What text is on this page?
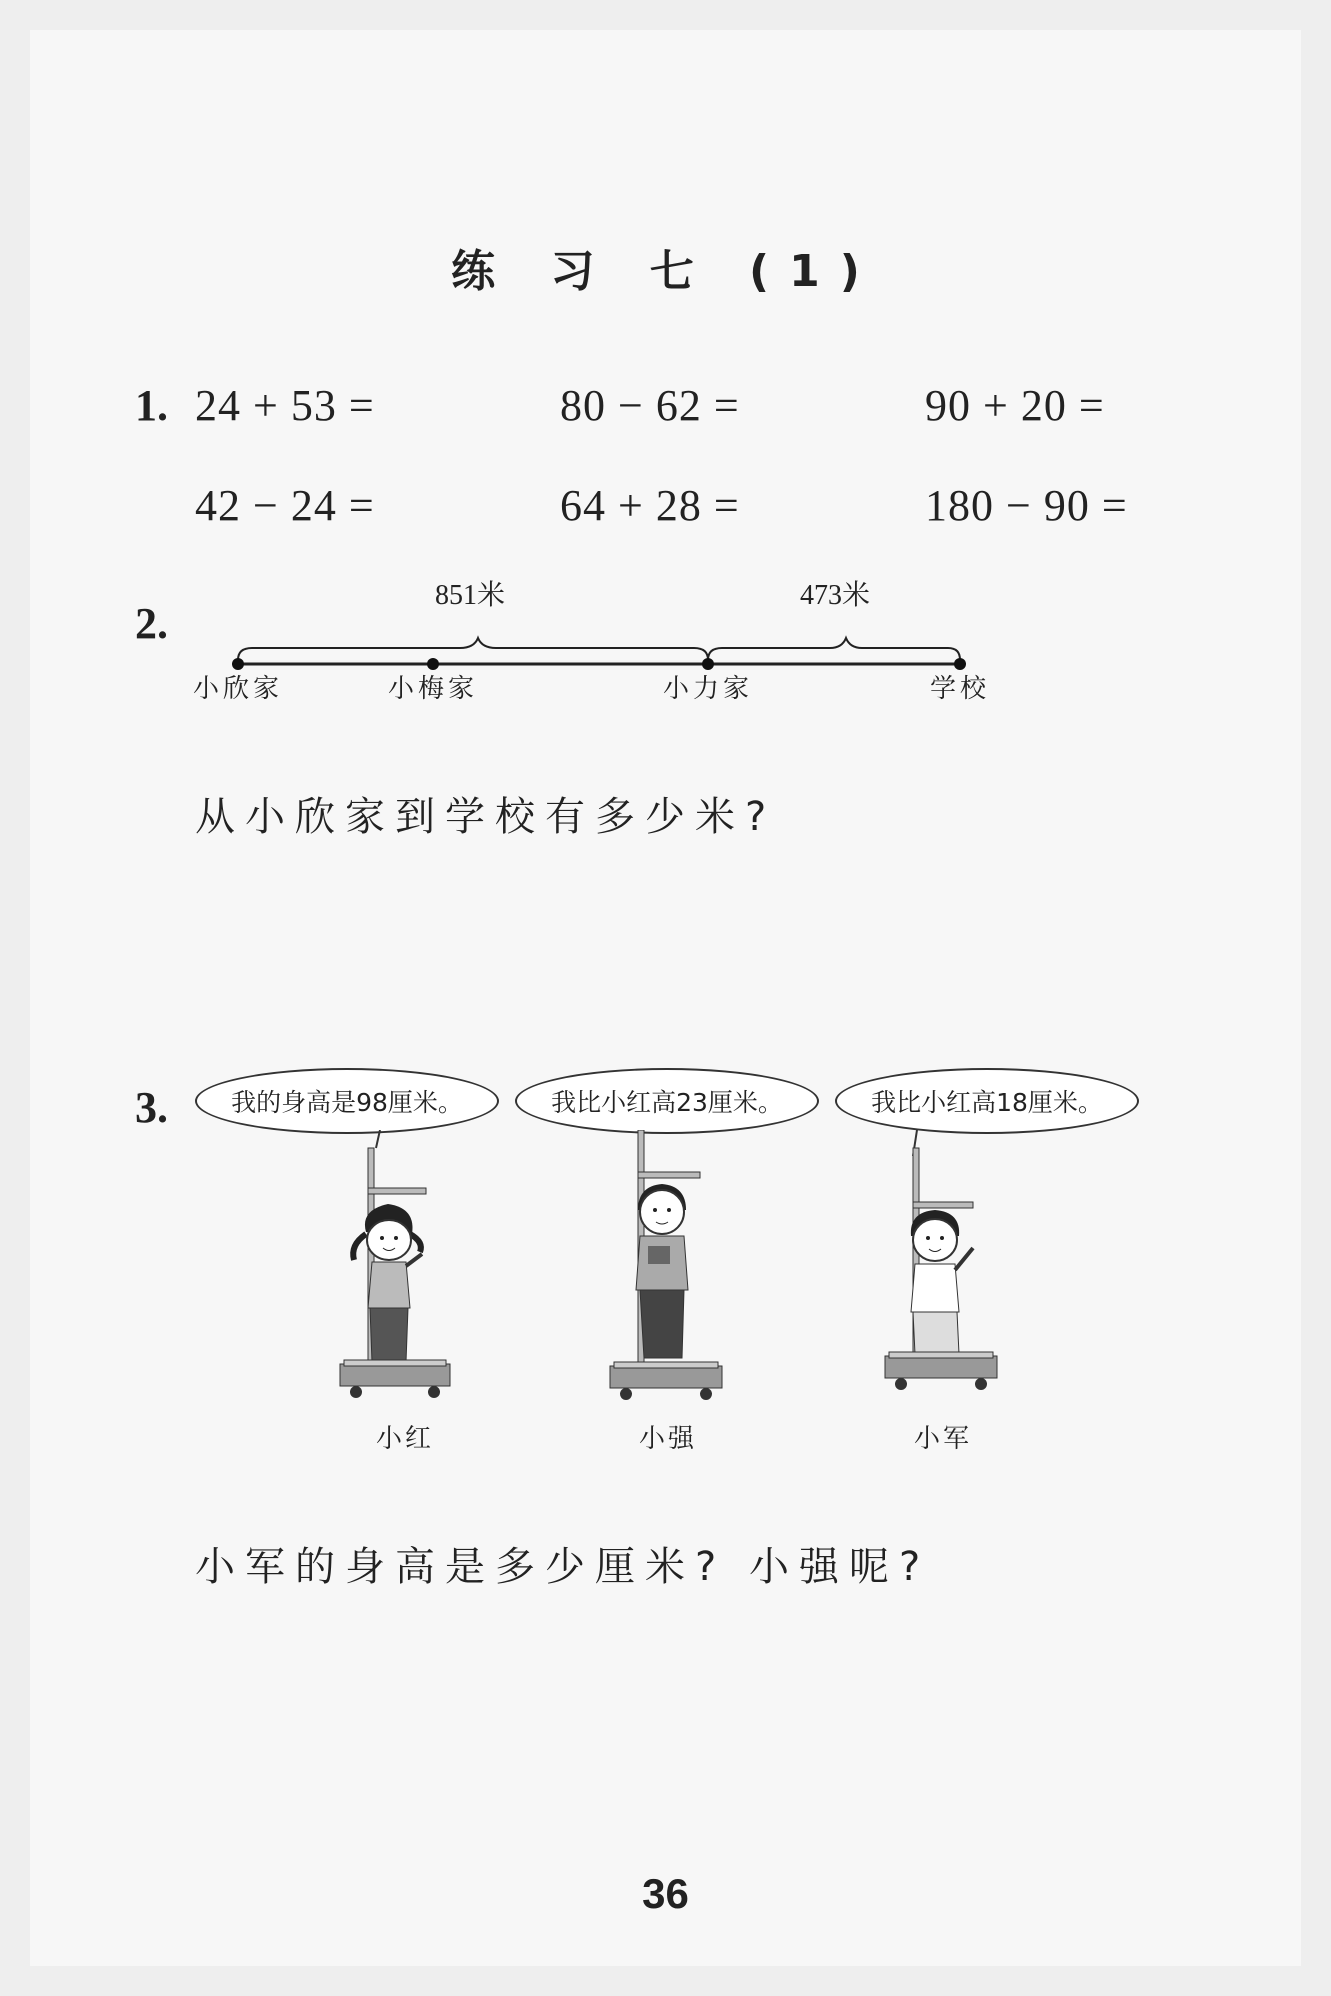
练 习 七 (1)
1. 24 + 53 =	80 − 62 =	90 + 20 =
42 − 24 =	64 + 28 =	180 − 90 =
2.
851米	473米
小欣家	小梅家	小力家	学校
从小欣家到学校有多少米?
3.	我的身高是98厘米。	我比小红高23厘米。	我比小红高18厘米。
小红	小强	小军
小军的身高是多少厘米? 小强呢?
36
